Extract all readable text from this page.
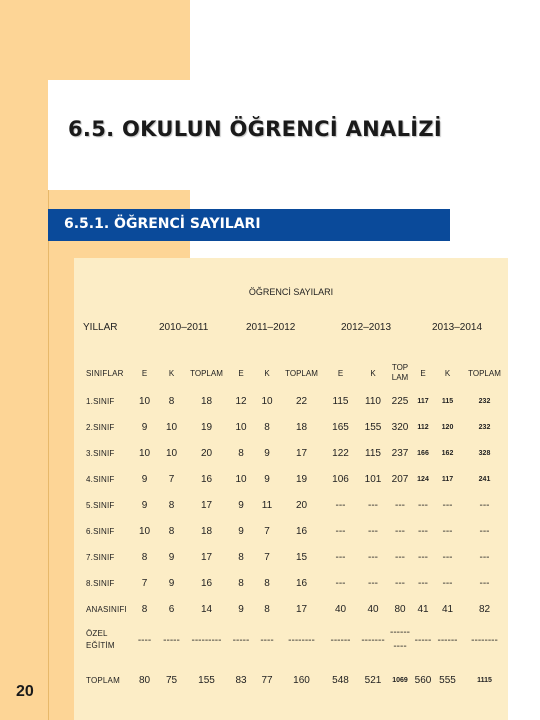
6.5. OKULUN ÖĞRENCİ ANALİZİ
6.5.1. ÖĞRENCİ SAYILARI
ÖĞRENCİ SAYILARI
YILLAR	2010–2011	2011–2012	2012–2013	2013–2014
SINIFLAR	E	K	TOPLAM	E	K	TOPLAM	E	K	TOP LAM	E	K	TOPLAM
1.SINIF	10	8	18	12	10	22	115	110	225	117	115	232
2.SINIF	9	10	19	10	8	18	165	155	320	112	120	232
3.SINIF	10	10	20	8	9	17	122	115	237	166	162	328
4.SINIF	9	7	16	10	9	19	106	101	207	124	117	241
5.SINIF	9	8	17	9	11	20	---	---	---	---	---	---
6.SINIF	10	8	18	9	7	16	---	---	---	---	---	---
7.SINIF	8	9	17	8	7	15	---	---	---	---	---	---
8.SINIF	7	9	16	8	8	16	---	---	---	---	---	---
ANASINIFI	8	6	14	9	8	17	40	40	80	41	41	82
ÖZEL EĞİTİM	----	-----	---------	-----	----	--------	------	-------	------ ----	-----	------	--------
TOPLAM	80	75	155	83	77	160	548	521	1069	560	555	1115
20
